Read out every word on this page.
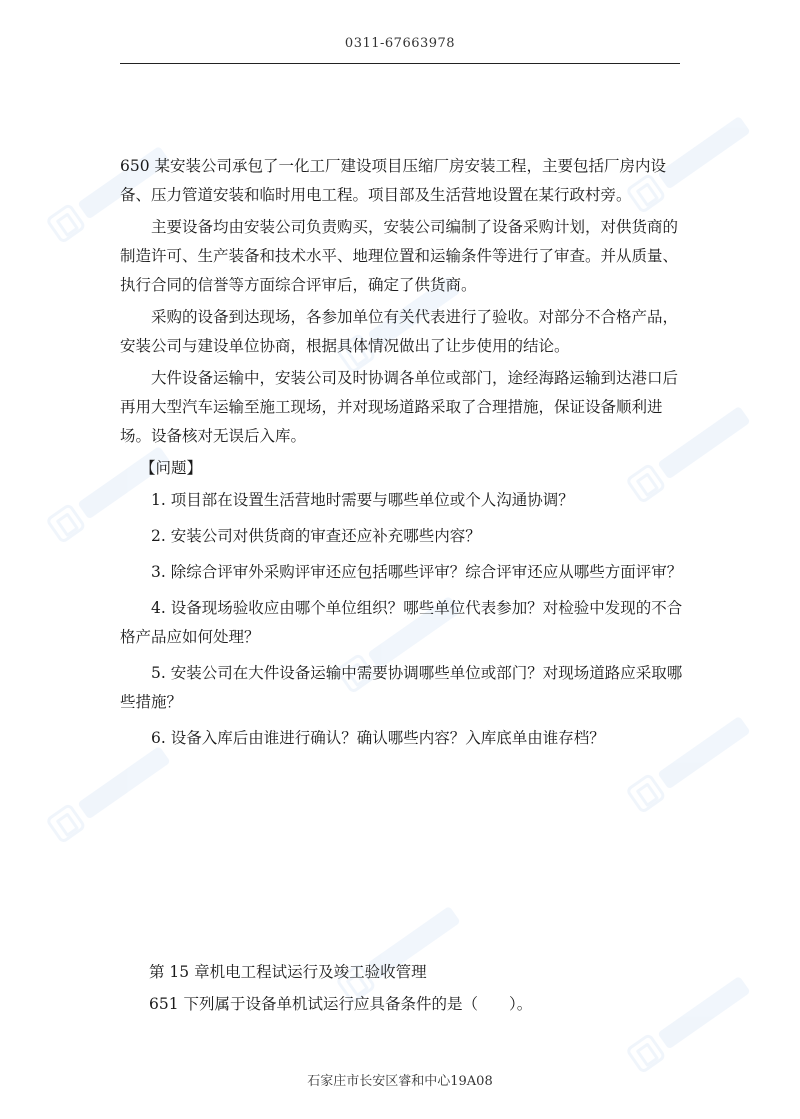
0311-67663978

650 某安装公司承包了一化工厂建设项目压缩厂房安装工程，主要包括厂房内设备、压力管道安装和临时用电工程。项目部及生活营地设置在某行政村旁。

主要设备均由安装公司负责购买，安装公司编制了设备采购计划，对供货商的制造许可、生产装备和技术水平、地理位置和运输条件等进行了审查。并从质量、执行合同的信誉等方面综合评审后，确定了供货商。

采购的设备到达现场，各参加单位有关代表进行了验收。对部分不合格产品，安装公司与建设单位协商，根据具体情况做出了让步使用的结论。

大件设备运输中，安装公司及时协调各单位或部门，途经海路运输到达港口后再用大型汽车运输至施工现场，并对现场道路采取了合理措施，保证设备顺利进场。设备核对无误后入库。

【问题】

1. 项目部在设置生活营地时需要与哪些单位或个人沟通协调？

2. 安装公司对供货商的审查还应补充哪些内容？

3. 除综合评审外采购评审还应包括哪些评审？综合评审还应从哪些方面评审？

4. 设备现场验收应由哪个单位组织？哪些单位代表参加？对检验中发现的不合格产品应如何处理？

5. 安装公司在大件设备运输中需要协调哪些单位或部门？对现场道路应采取哪些措施？

6. 设备入库后由谁进行确认？确认哪些内容？入库底单由谁存档？

第 15 章机电工程试运行及竣工验收管理

651 下列属于设备单机试运行应具备条件的是（　　）。

石家庄市长安区睿和中心19A08
